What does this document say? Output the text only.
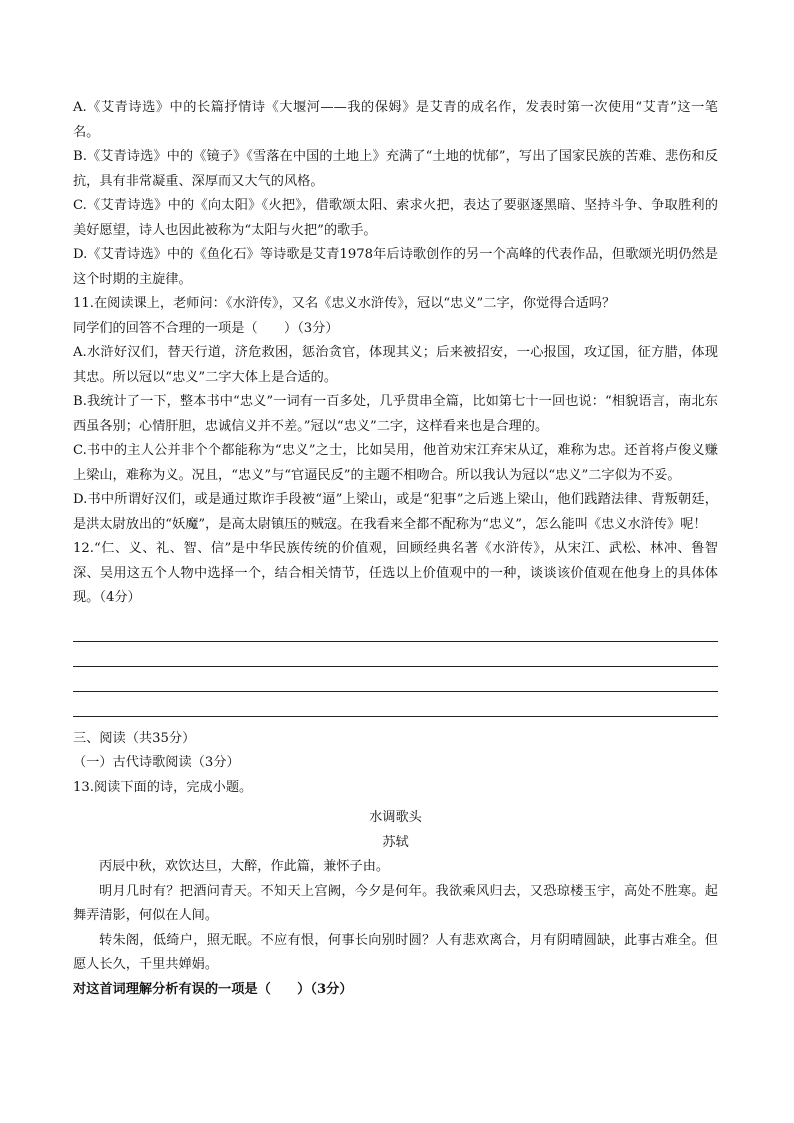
A.《艾青诗选》中的长篇抒情诗《大堰河——我的保姆》是艾青的成名作，发表时第一次使用“艾青”这一笔名。

B.《艾青诗选》中的《镜子》《雪落在中国的土地上》充满了“土地的忧郁”，写出了国家民族的苦难、悲伤和反抗，具有非常凝重、深厚而又大气的风格。

C.《艾青诗选》中的《向太阳》《火把》，借歌颂太阳、索求火把，表达了要驱逐黑暗、坚持斗争、争取胜利的美好愿望，诗人也因此被称为“太阳与火把”的歌手。

D.《艾青诗选》中的《鱼化石》等诗歌是艾青1978年后诗歌创作的另一个高峰的代表作品，但歌颂光明仍然是这个时期的主旋律。

11.在阅读课上，老师问：《水浒传》，又名《忠义水浒传》，冠以“忠义”二字，你觉得合适吗？

同学们的回答不合理的一项是（　　）（3分）

A.水浒好汉们，替天行道，济危救困，惩治贪官，体现其义；后来被招安，一心报国，攻辽国，征方腊，体现其忠。所以冠以“忠义”二字大体上是合适的。

B.我统计了一下，整本书中“忠义”一词有一百多处，几乎贯串全篇，比如第七十一回也说：“相貌语言，南北东西虽各别；心情肝胆，忠诚信义并不差。”冠以“忠义”二字，这样看来也是合理的。

C.书中的主人公并非个个都能称为“忠义”之士，比如吴用，他首劝宋江弃宋从辽，难称为忠。还首将卢俊义赚上梁山，难称为义。况且，“忠义”与“官逼民反”的主题不相吻合。所以我认为冠以“忠义”二字似为不妥。

D.书中所谓好汉们，或是通过欺诈手段被“逼”上梁山，或是“犯事”之后逃上梁山，他们践踏法律、背叛朝廷，是洪太尉放出的“妖魔”，是高太尉镇压的贼寇。在我看来全都不配称为“忠义”，怎么能叫《忠义水浒传》呢！

12.“仁、义、礼、智、信”是中华民族传统的价值观，回顾经典名著《水浒传》，从宋江、武松、林冲、鲁智深、吴用这五个人物中选择一个，结合相关情节，任选以上价值观中的一种，谈谈该价值观在他身上的具体体现。（4分）

三、阅读（共35分）

（一）古代诗歌阅读（3分）

13.阅读下面的诗，完成小题。

水调歌头

苏轼

丙辰中秋，欢饮达旦，大醉，作此篇，兼怀子由。

明月几时有？把酒问青天。不知天上宫阙，今夕是何年。我欲乘风归去，又恐琼楼玉宇，高处不胜寒。起舞弄清影，何似在人间。

转朱阁，低绮户，照无眠。不应有恨，何事长向别时圆？人有悲欢离合，月有阴晴圆缺，此事古难全。但愿人长久，千里共婵娟。

对这首词理解分析有误的一项是（　　）（3分）
